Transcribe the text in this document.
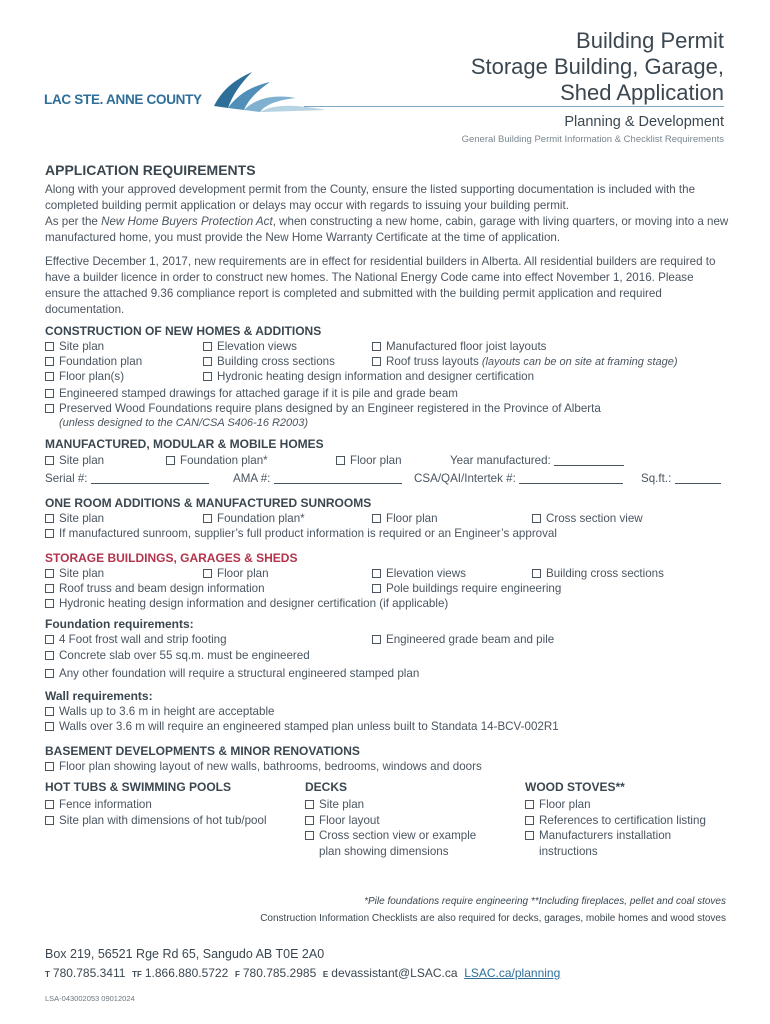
LAC STE. ANNE COUNTY
Building Permit
Storage Building, Garage,
Shed Application
Planning & Development
General Building Permit Information & Checklist Requirements
APPLICATION REQUIREMENTS
Along with your approved development permit from the County, ensure the listed supporting documentation is included with the completed building permit application or delays may occur with regards to issuing your building permit.
As per the New Home Buyers Protection Act, when constructing a new home, cabin, garage with living quarters, or moving into a new manufactured home, you must provide the New Home Warranty Certificate at the time of application.
Effective December 1, 2017, new requirements are in effect for residential builders in Alberta. All residential builders are required to have a builder licence in order to construct new homes. The National Energy Code came into effect November 1, 2016. Please ensure the attached 9.36 compliance report is completed and submitted with the building permit application and required documentation.
CONSTRUCTION OF NEW HOMES & ADDITIONS
Site plan	Elevation views	Manufactured floor joist layouts
Foundation plan	Building cross sections	Roof truss layouts (layouts can be on site at framing stage)
Floor plan(s)	Hydronic heating design information and designer certification
Engineered stamped drawings for attached garage if it is pile and grade beam
Preserved Wood Foundations require plans designed by an Engineer registered in the Province of Alberta
(unless designed to the CAN/CSA S406-16 R2003)
MANUFACTURED, MODULAR & MOBILE HOMES
Site plan	Foundation plan*	Floor plan	Year manufactured:
Serial #:	AMA #:	CSA/QAI/Intertek #:	Sq.ft.:
ONE ROOM ADDITIONS & MANUFACTURED SUNROOMS
Site plan	Foundation plan*	Floor plan	Cross section view
If manufactured sunroom, supplier’s full product information is required or an Engineer’s approval
STORAGE BUILDINGS, GARAGES & SHEDS
Site plan	Floor plan	Elevation views	Building cross sections
Roof truss and beam design information	Pole buildings require engineering
Hydronic heating design information and designer certification (if applicable)
Foundation requirements:
4 Foot frost wall and strip footing	Engineered grade beam and pile
Concrete slab over 55 sq.m. must be engineered
Any other foundation will require a structural engineered stamped plan
Wall requirements:
Walls up to 3.6 m in height are acceptable
Walls over 3.6 m will require an engineered stamped plan unless built to Standata 14-BCV-002R1
BASEMENT DEVELOPMENTS & MINOR RENOVATIONS
Floor plan showing layout of new walls, bathrooms, bedrooms, windows and doors
HOT TUBS & SWIMMING POOLS
Fence information
Site plan with dimensions of hot tub/pool
DECKS
Site plan
Floor layout
Cross section view or example
plan showing dimensions
WOOD STOVES**
Floor plan
References to certification listing
Manufacturers installation
instructions
*Pile foundations require engineering **Including fireplaces, pellet and coal stoves
Construction Information Checklists are also required for decks, garages, mobile homes and wood stoves
Box 219, 56521 Rge Rd 65, Sangudo AB T0E 2A0
T 780.785.3411 TF 1.866.880.5722 F 780.785.2985 E devassistant@LSAC.ca LSAC.ca/planning
LSA-043002053 09012024
